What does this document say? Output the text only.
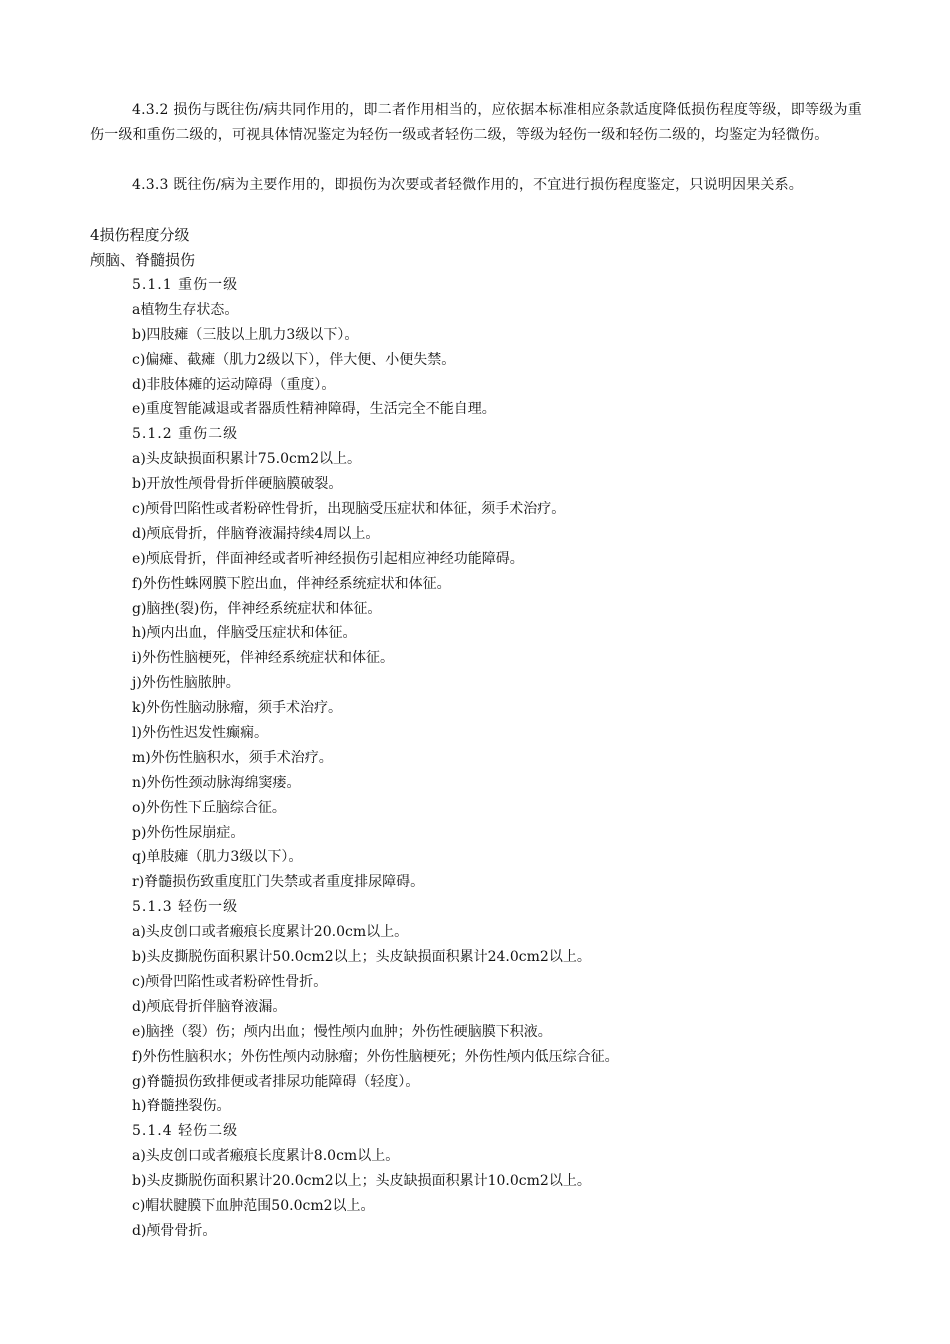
4.3.2 损伤与既往伤/病共同作用的，即二者作用相当的，应依据本标准相应条款适度降低损伤程度等级，即等级为重伤一级和重伤二级的，可视具体情况鉴定为轻伤一级或者轻伤二级，等级为轻伤一级和轻伤二级的，均鉴定为轻微伤。

4.3.3 既往伤/病为主要作用的，即损伤为次要或者轻微作用的，不宜进行损伤程度鉴定，只说明因果关系。

4损伤程度分级

颅脑、脊髓损伤

5.1.1 重伤一级
a植物生存状态。
b)四肢瘫（三肢以上肌力3级以下）。
c)偏瘫、截瘫（肌力2级以下），伴大便、小便失禁。
d)非肢体瘫的运动障碍（重度）。
e)重度智能减退或者器质性精神障碍，生活完全不能自理。
5.1.2 重伤二级
a)头皮缺损面积累计75.0cm2以上。
b)开放性颅骨骨折伴硬脑膜破裂。
c)颅骨凹陷性或者粉碎性骨折，出现脑受压症状和体征，须手术治疗。
d)颅底骨折，伴脑脊液漏持续4周以上。
e)颅底骨折，伴面神经或者听神经损伤引起相应神经功能障碍。
f)外伤性蛛网膜下腔出血，伴神经系统症状和体征。
g)脑挫(裂)伤，伴神经系统症状和体征。
h)颅内出血，伴脑受压症状和体征。
i)外伤性脑梗死，伴神经系统症状和体征。
j)外伤性脑脓肿。
k)外伤性脑动脉瘤，须手术治疗。
l)外伤性迟发性癫痫。
m)外伤性脑积水，须手术治疗。
n)外伤性颈动脉海绵窦瘘。
o)外伤性下丘脑综合征。
p)外伤性尿崩症。
q)单肢瘫（肌力3级以下）。
r)脊髓损伤致重度肛门失禁或者重度排尿障碍。
5.1.3 轻伤一级
a)头皮创口或者瘢痕长度累计20.0cm以上。
b)头皮撕脱伤面积累计50.0cm2以上；头皮缺损面积累计24.0cm2以上。
c)颅骨凹陷性或者粉碎性骨折。
d)颅底骨折伴脑脊液漏。
e)脑挫（裂）伤；颅内出血；慢性颅内血肿；外伤性硬脑膜下积液。
f)外伤性脑积水；外伤性颅内动脉瘤；外伤性脑梗死；外伤性颅内低压综合征。
g)脊髓损伤致排便或者排尿功能障碍（轻度）。
h)脊髓挫裂伤。
5.1.4 轻伤二级
a)头皮创口或者瘢痕长度累计8.0cm以上。
b)头皮撕脱伤面积累计20.0cm2以上；头皮缺损面积累计10.0cm2以上。
c)帽状腱膜下血肿范围50.0cm2以上。
d)颅骨骨折。
